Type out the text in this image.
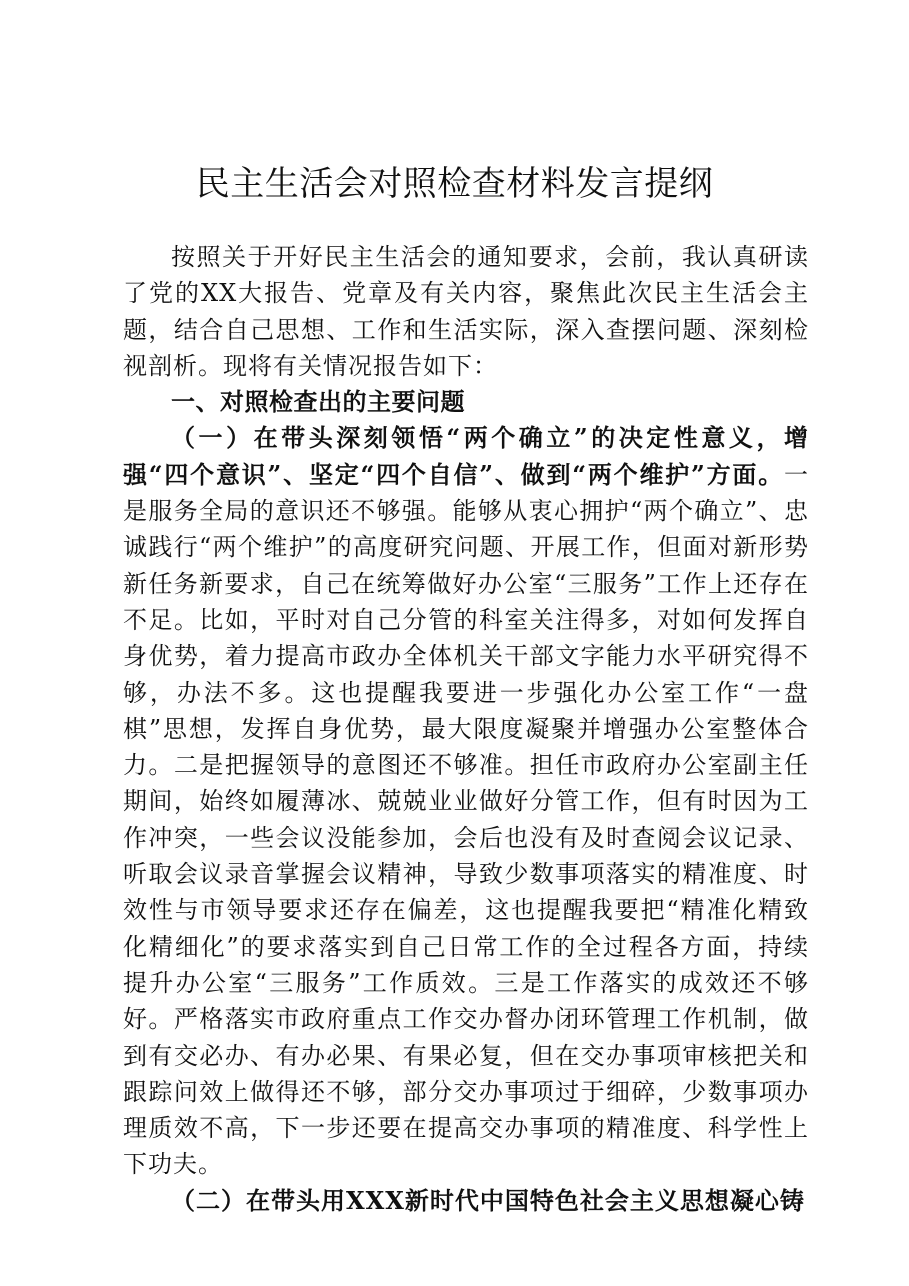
民主生活会对照检查材料发言提纲

按照关于开好民主生活会的通知要求，会前，我认真研读了党的XX大报告、党章及有关内容，聚焦此次民主生活会主题，结合自己思想、工作和生活实际，深入查摆问题、深刻检视剖析。现将有关情况报告如下：

一、对照检查出的主要问题

（一）在带头深刻领悟“两个确立”的决定性意义，增强“四个意识”、坚定“四个自信”、做到“两个维护”方面。一是服务全局的意识还不够强。能够从衷心拥护“两个确立”、忠诚践行“两个维护”的高度研究问题、开展工作，但面对新形势新任务新要求，自己在统筹做好办公室“三服务”工作上还存在不足。比如，平时对自己分管的科室关注得多，对如何发挥自身优势，着力提高市政办全体机关干部文字能力水平研究得不够，办法不多。这也提醒我要进一步强化办公室工作“一盘棋”思想，发挥自身优势，最大限度凝聚并增强办公室整体合力。二是把握领导的意图还不够准。担任市政府办公室副主任期间，始终如履薄冰、兢兢业业做好分管工作，但有时因为工作冲突，一些会议没能参加，会后也没有及时查阅会议记录、听取会议录音掌握会议精神，导致少数事项落实的精准度、时效性与市领导要求还存在偏差，这也提醒我要把“精准化精致化精细化”的要求落实到自己日常工作的全过程各方面，持续提升办公室“三服务”工作质效。三是工作落实的成效还不够好。严格落实市政府重点工作交办督办闭环管理工作机制，做到有交必办、有办必果、有果必复，但在交办事项审核把关和跟踪问效上做得还不够，部分交办事项过于细碎，少数事项办理质效不高，下一步还要在提高交办事项的精准度、科学性上下功夫。

（二）在带头用XXX新时代中国特色社会主义思想凝心铸
